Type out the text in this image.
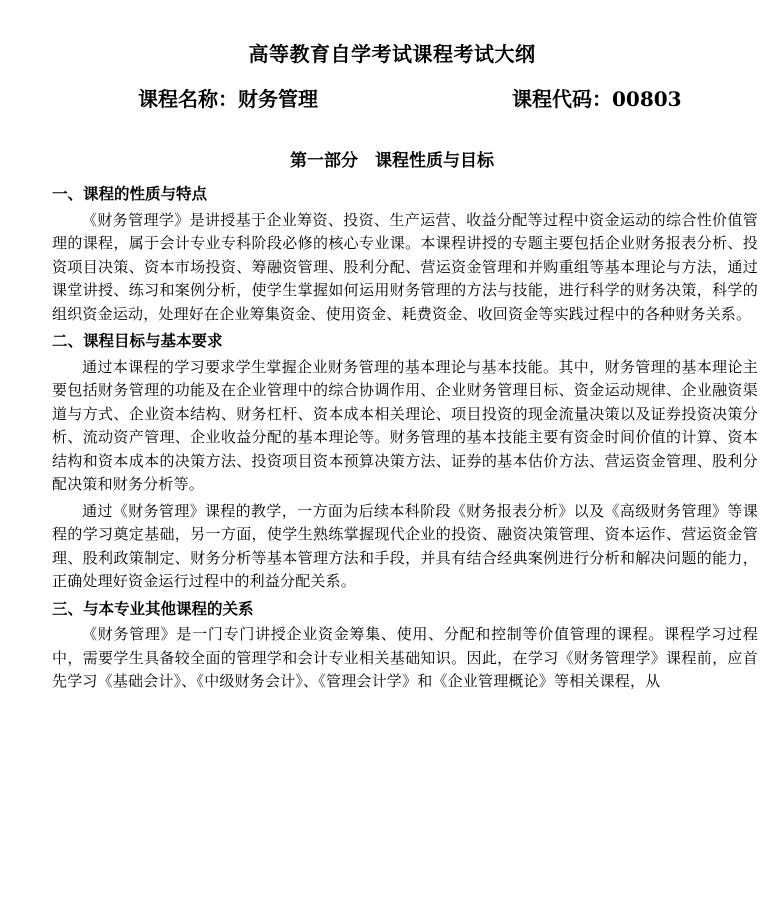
高等教育自学考试课程考试大纲
课程名称：财务管理	课程代码：00803
第一部分　课程性质与目标
一、课程的性质与特点

《财务管理学》是讲授基于企业筹资、投资、生产运营、收益分配等过程中资金运动的综合性价值管理的课程，属于会计专业专科阶段必修的核心专业课。本课程讲授的专题主要包括企业财务报表分析、投资项目决策、资本市场投资、筹融资管理、股利分配、营运资金管理和并购重组等基本理论与方法，通过课堂讲授、练习和案例分析，使学生掌握如何运用财务管理的方法与技能，进行科学的财务决策，科学的组织资金运动，处理好在企业筹集资金、使用资金、耗费资金、收回资金等实践过程中的各种财务关系。

二、课程目标与基本要求

通过本课程的学习要求学生掌握企业财务管理的基本理论与基本技能。其中，财务管理的基本理论主要包括财务管理的功能及在企业管理中的综合协调作用、企业财务管理目标、资金运动规律、企业融资渠道与方式、企业资本结构、财务杠杆、资本成本相关理论、项目投资的现金流量决策以及证券投资决策分析、流动资产管理、企业收益分配的基本理论等。财务管理的基本技能主要有资金时间价值的计算、资本结构和资本成本的决策方法、投资项目资本预算决策方法、证券的基本估价方法、营运资金管理、股利分配决策和财务分析等。

通过《财务管理》课程的教学，一方面为后续本科阶段《财务报表分析》以及《高级财务管理》等课程的学习奠定基础，另一方面，使学生熟练掌握现代企业的投资、融资决策管理、资本运作、营运资金管理、股利政策制定、财务分析等基本管理方法和手段，并具有结合经典案例进行分析和解决问题的能力，正确处理好资金运行过程中的利益分配关系。

三、与本专业其他课程的关系

《财务管理》是一门专门讲授企业资金筹集、使用、分配和控制等价值管理的课程。课程学习过程中，需要学生具备较全面的管理学和会计专业相关基础知识。因此，在学习《财务管理学》课程前，应首先学习《基础会计》、《中级财务会计》、《管理会计学》和《企业管理概论》等相关课程，从
